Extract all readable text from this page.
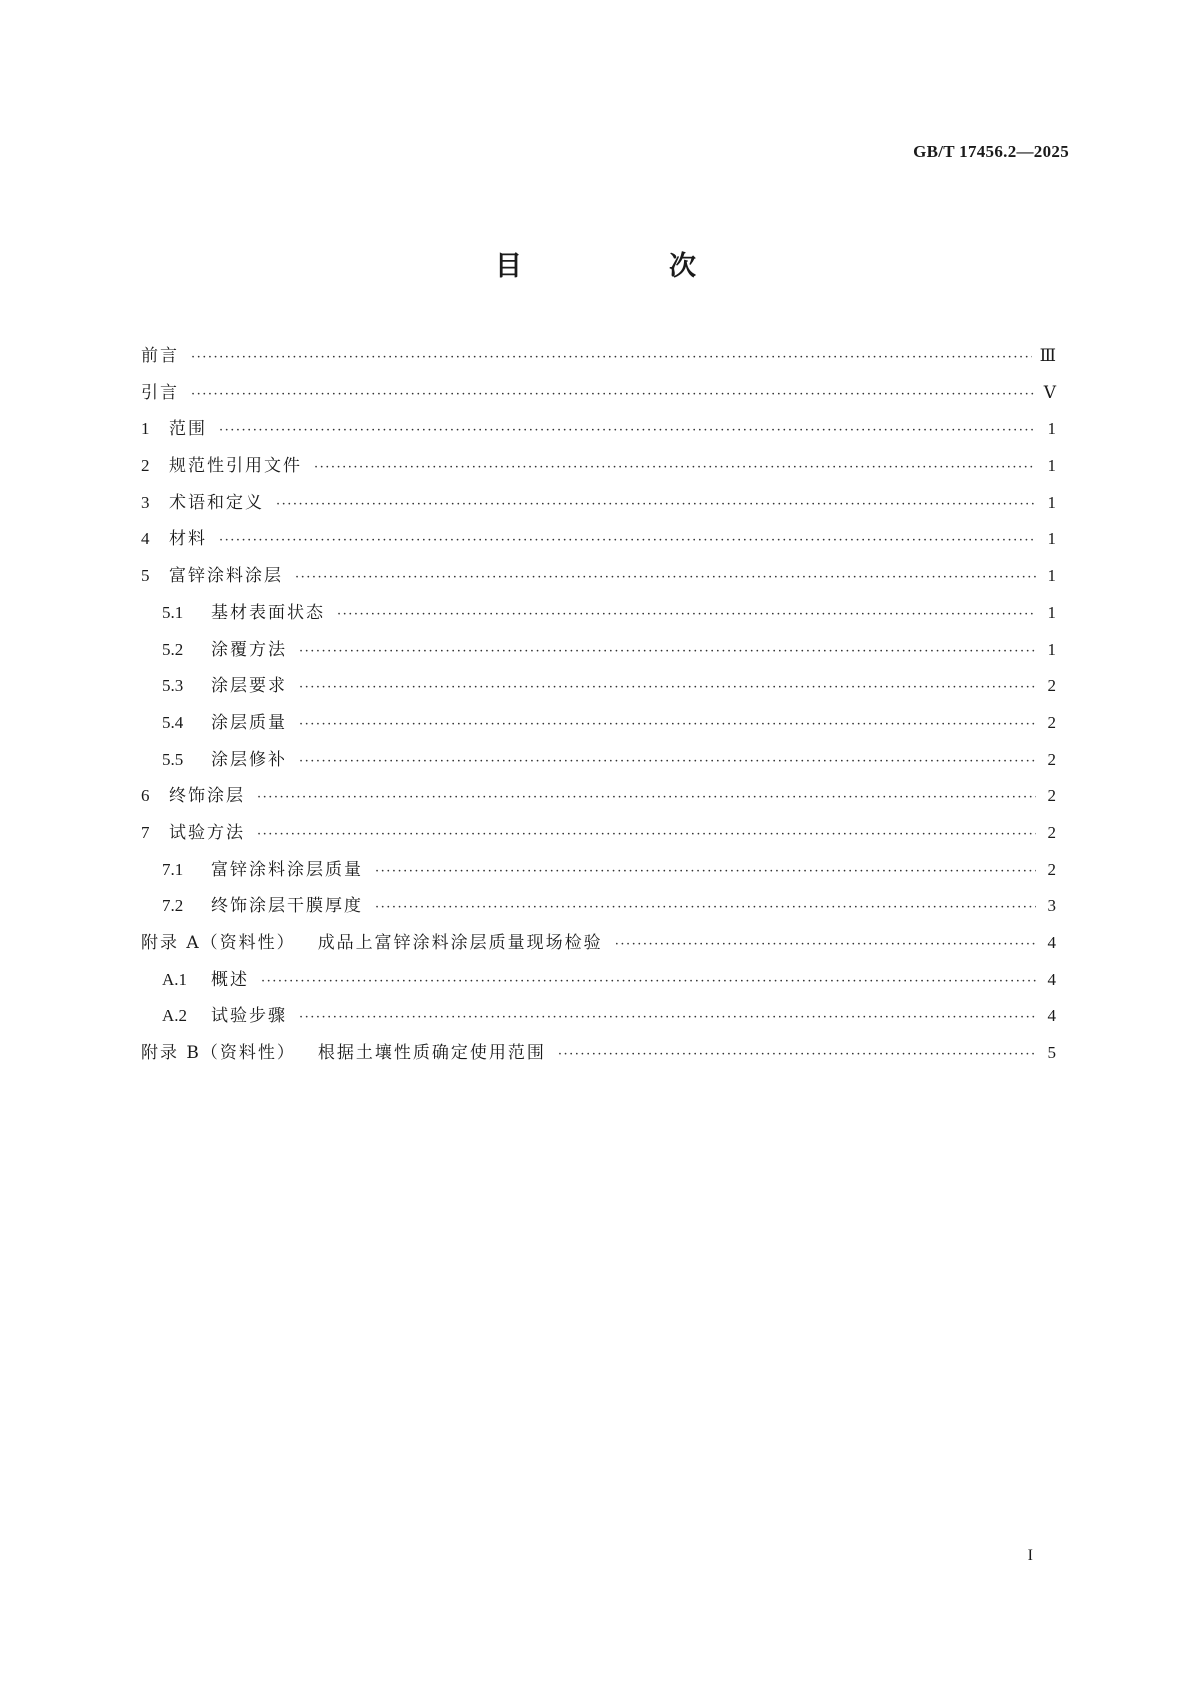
GB/T 17456.2—2025
目　次
前言 ·····	Ⅲ
引言 ·····	Ⅴ
1	范围 ·····	1
2	规范性引用文件 ·····	1
3	术语和定义 ·····	1
4	材料 ·····	1
5	富锌涂料涂层 ·····	1
5.1	基材表面状态 ·····	1
5.2	涂覆方法 ·····	1
5.3	涂层要求 ·····	2
5.4	涂层质量 ·····	2
5.5	涂层修补 ·····	2
6	终饰涂层 ·····	2
7	试验方法 ·····	2
7.1	富锌涂料涂层质量 ·····	2
7.2	终饰涂层干膜厚度 ·····	3
附录 A（资料性） 成品上富锌涂料涂层质量现场检验 ·····	4
A.1	概述 ·····	4
A.2	试验步骤 ·····	4
附录 B（资料性） 根据土壤性质确定使用范围 ·····	5
I
